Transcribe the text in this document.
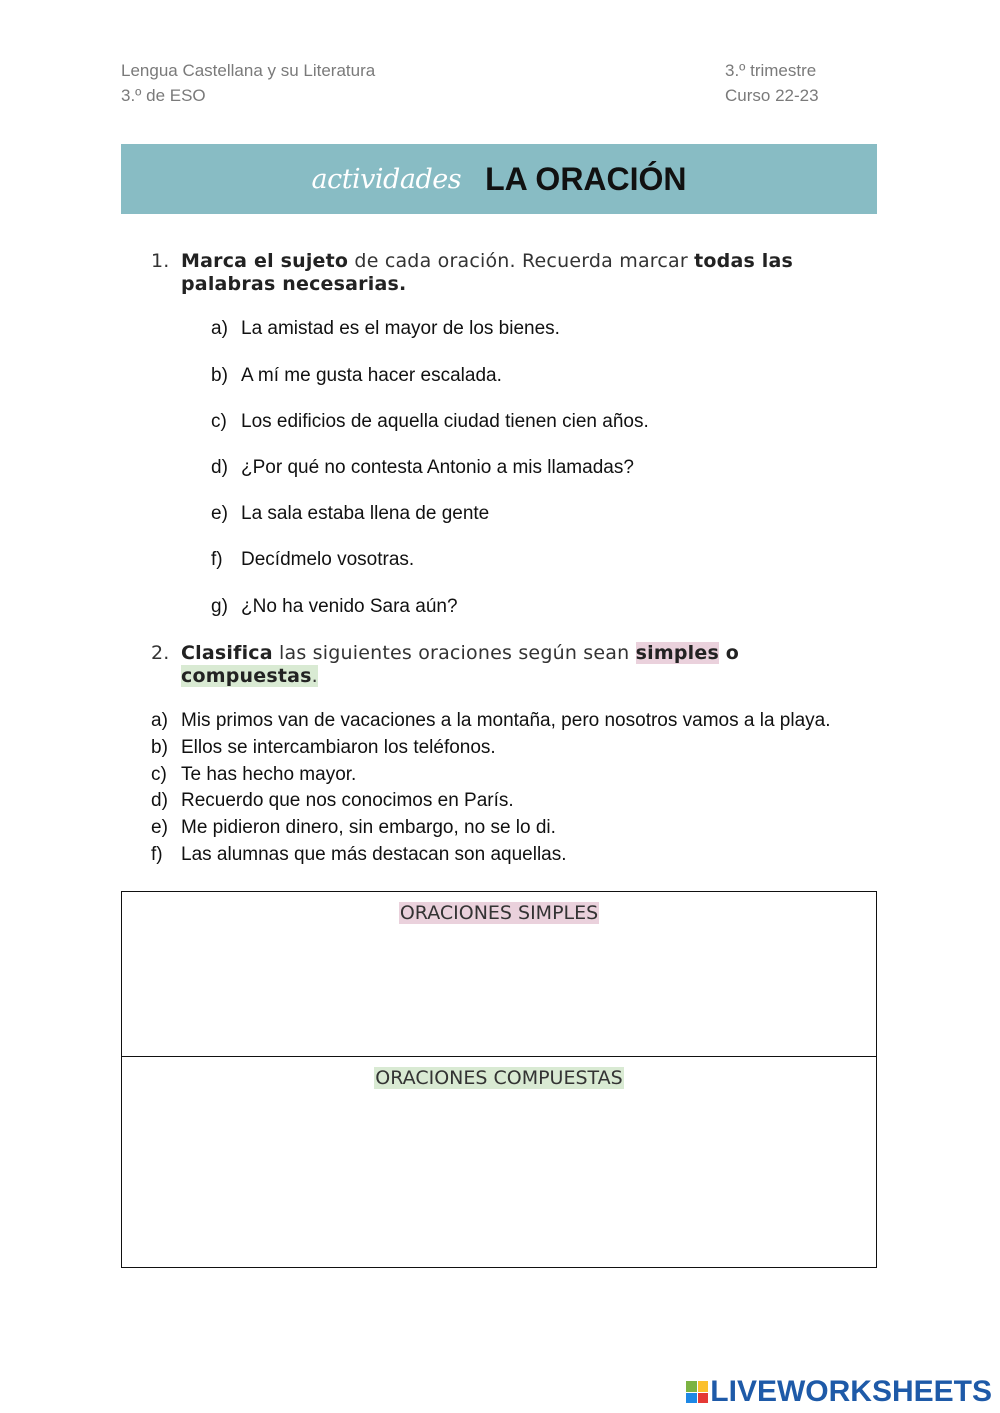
Lengua Castellana y su Literatura
3.º de ESO
3.º trimestre
Curso 22-23
actividades LA ORACIÓN
1. Marca el sujeto de cada oración. Recuerda marcar todas las
palabras necesarias.
a) La amistad es el mayor de los bienes.
b) A mí me gusta hacer escalada.
c) Los edificios de aquella ciudad tienen cien años.
d) ¿Por qué no contesta Antonio a mis llamadas?
e) La sala estaba llena de gente
f) Decídmelo vosotras.
g) ¿No ha venido Sara aún?
2. Clasifica las siguientes oraciones según sean simples o
compuestas.
a) Mis primos van de vacaciones a la montaña, pero nosotros vamos a la playa.
b) Ellos se intercambiaron los teléfonos.
c) Te has hecho mayor.
d) Recuerdo que nos conocimos en París.
e) Me pidieron dinero, sin embargo, no se lo di.
f) Las alumnas que más destacan son aquellas.
ORACIONES SIMPLES
ORACIONES COMPUESTAS
LIVEWORKSHEETS
